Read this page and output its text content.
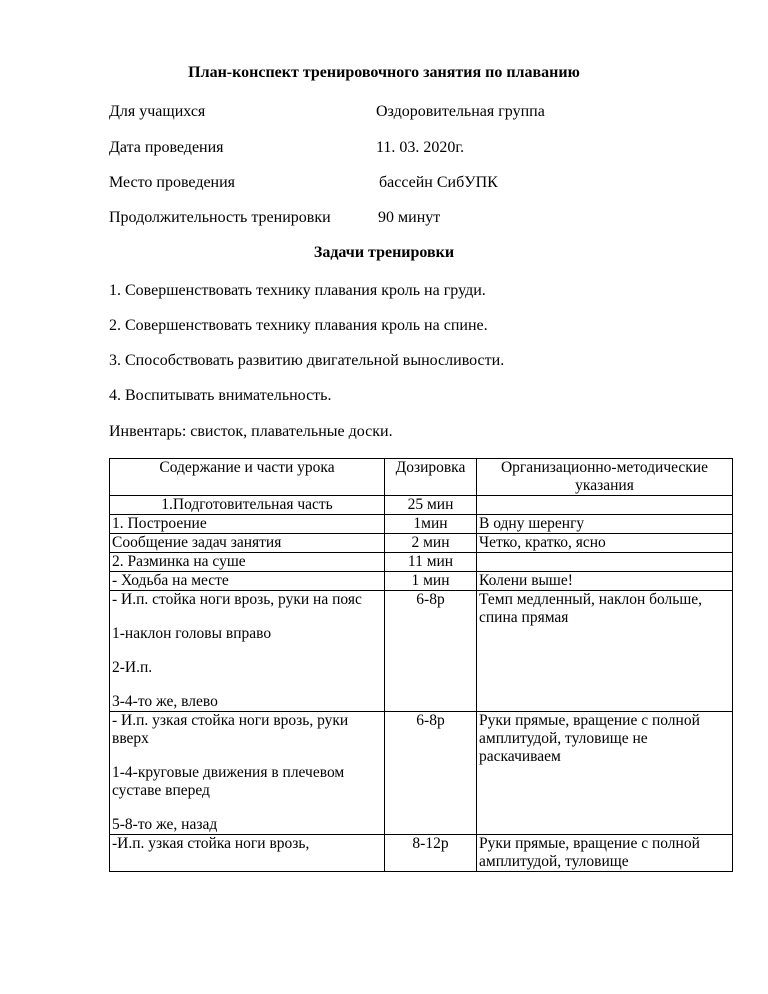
План-конспект тренировочного занятия по плаванию
Для учащихся	Оздоровительная группа
Дата проведения	11. 03. 2020г.
Место проведения	бассейн СибУПК
Продолжительность тренировки	90 минут
Задачи тренировки
1. Совершенствовать технику плавания кроль на груди.
2. Совершенствовать технику плавания кроль на спине.
3. Способствовать развитию двигательной выносливости.
4. Воспитывать внимательность.
Инвентарь: свисток, плавательные доски.
Содержание и части урока	Дозировка	Организационно-методические указания
1.Подготовительная часть	25 мин	
1. Построение	1мин	В одну шеренгу
Сообщение задач занятия	2 мин	Четко, кратко, ясно
2. Разминка на суше	11 мин	
- Ходьба на месте	1 мин	Колени выше!

- И.п. стойка ноги врозь, руки на пояс
1-наклон головы вправо
2-И.п.
3-4-то же, влево	6-8р	Темп медленный, наклон больше, спина прямая

- И.п. узкая стойка ноги врозь, руки вверх
1-4-круговые движения в плечевом суставе вперед
5-8-то же, назад	6-8р	Руки прямые, вращение с полной амплитудой, туловище не раскачиваем
-И.п. узкая стойка ноги врозь,	8-12р	Руки прямые, вращение с полной амплитудой, туловище
